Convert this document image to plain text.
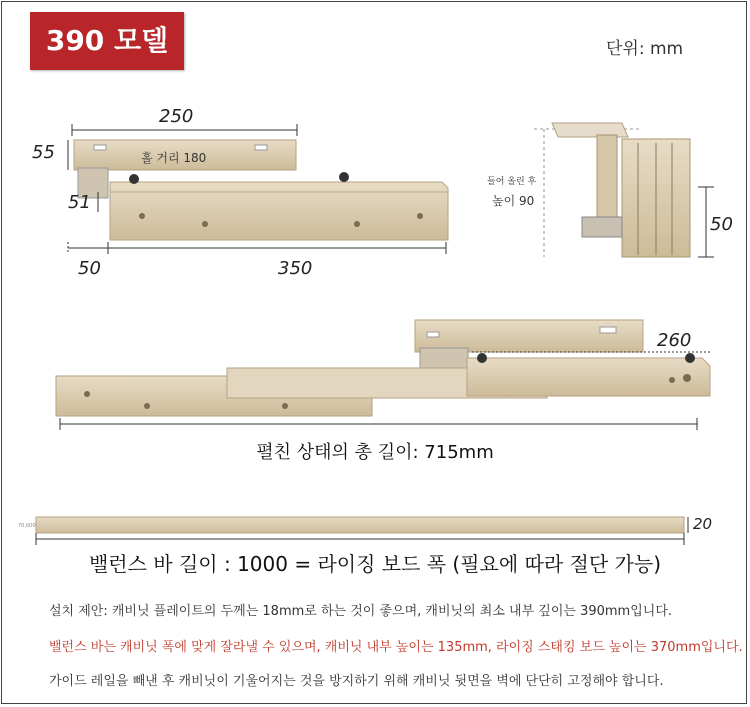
390 모델	단위: mm
250
55	홀 거리 180
51
50	350
들어 올린 후
높이 90
50
260
펼친 상태의 총 길이: 715mm
70,000	20
밸런스 바 길이 : 1000 = 라이징 보드 폭 (필요에 따라 절단 가능)
설치 제안: 캐비닛 플레이트의 두께는 18mm로 하는 것이 좋으며, 캐비닛의 최소 내부 깊이는 390mm입니다.
밸런스 바는 캐비닛 폭에 맞게 잘라낼 수 있으며, 캐비닛 내부 높이는 135mm, 라이징 스태킹 보드 높이는 370mm입니다.
가이드 레일을 빼낸 후 캐비닛이 기울어지는 것을 방지하기 위해 캐비닛 뒷면을 벽에 단단히 고정해야 합니다.
